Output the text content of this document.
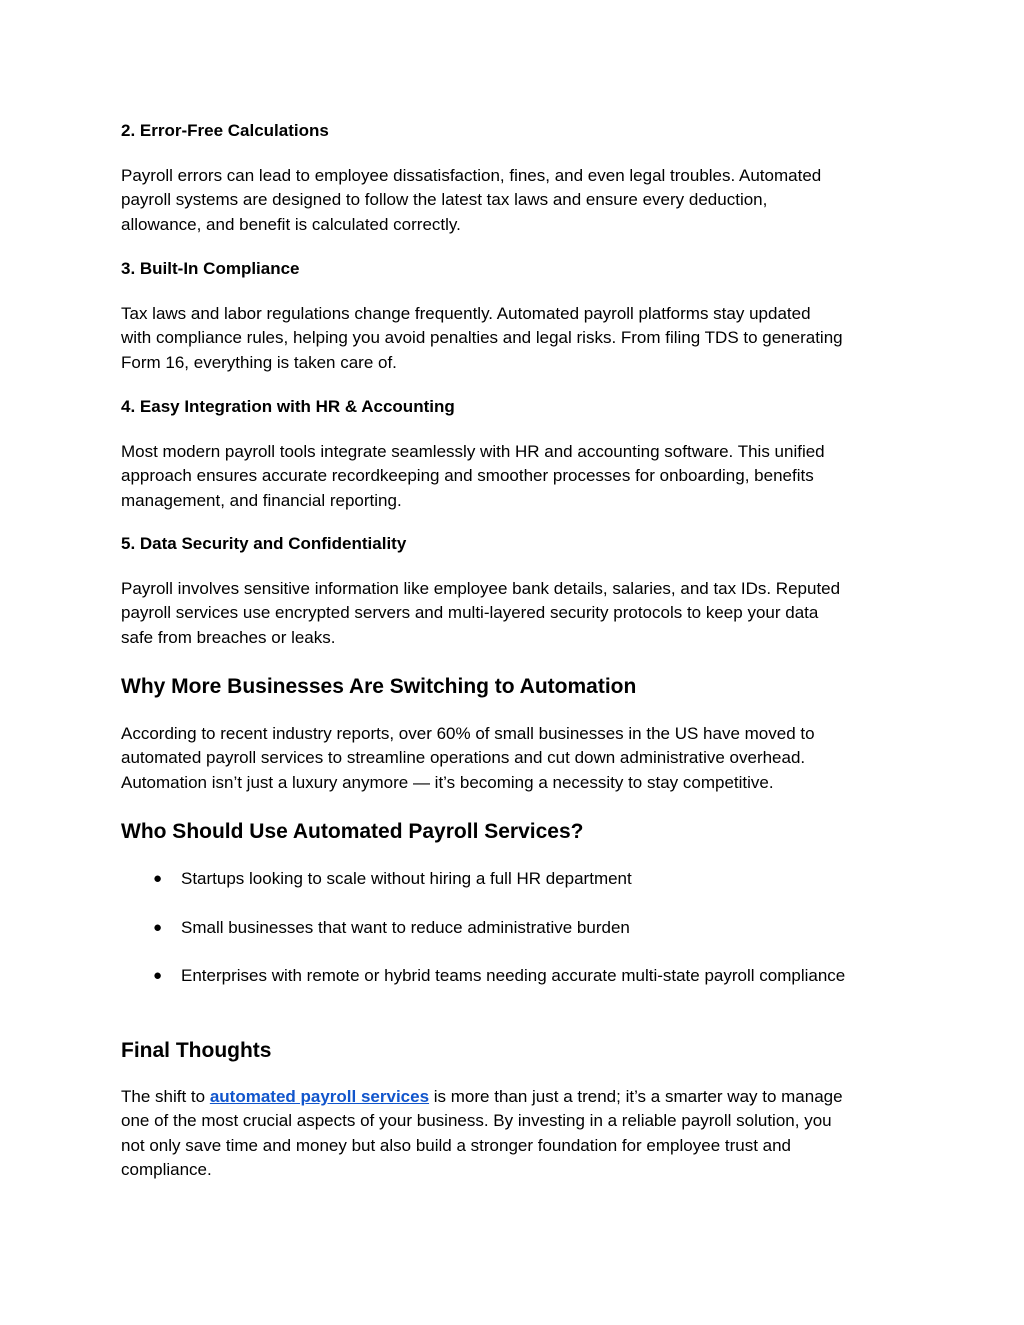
2. Error-Free Calculations

Payroll errors can lead to employee dissatisfaction, fines, and even legal troubles. Automated
payroll systems are designed to follow the latest tax laws and ensure every deduction,
allowance, and benefit is calculated correctly.

3. Built-In Compliance

Tax laws and labor regulations change frequently. Automated payroll platforms stay updated
with compliance rules, helping you avoid penalties and legal risks. From filing TDS to generating
Form 16, everything is taken care of.

4. Easy Integration with HR & Accounting

Most modern payroll tools integrate seamlessly with HR and accounting software. This unified
approach ensures accurate recordkeeping and smoother processes for onboarding, benefits
management, and financial reporting.

5. Data Security and Confidentiality

Payroll involves sensitive information like employee bank details, salaries, and tax IDs. Reputed
payroll services use encrypted servers and multi-layered security protocols to keep your data
safe from breaches or leaks.

Why More Businesses Are Switching to Automation

According to recent industry reports, over 60% of small businesses in the US have moved to
automated payroll services to streamline operations and cut down administrative overhead.
Automation isn’t just a luxury anymore — it’s becoming a necessity to stay competitive.

Who Should Use Automated Payroll Services?
● Startups looking to scale without hiring a full HR department
● Small businesses that want to reduce administrative burden
● Enterprises with remote or hybrid teams needing accurate multi-state payroll compliance
Final Thoughts

The shift to automated payroll services is more than just a trend; it’s a smarter way to manage
one of the most crucial aspects of your business. By investing in a reliable payroll solution, you
not only save time and money but also build a stronger foundation for employee trust and
compliance.
